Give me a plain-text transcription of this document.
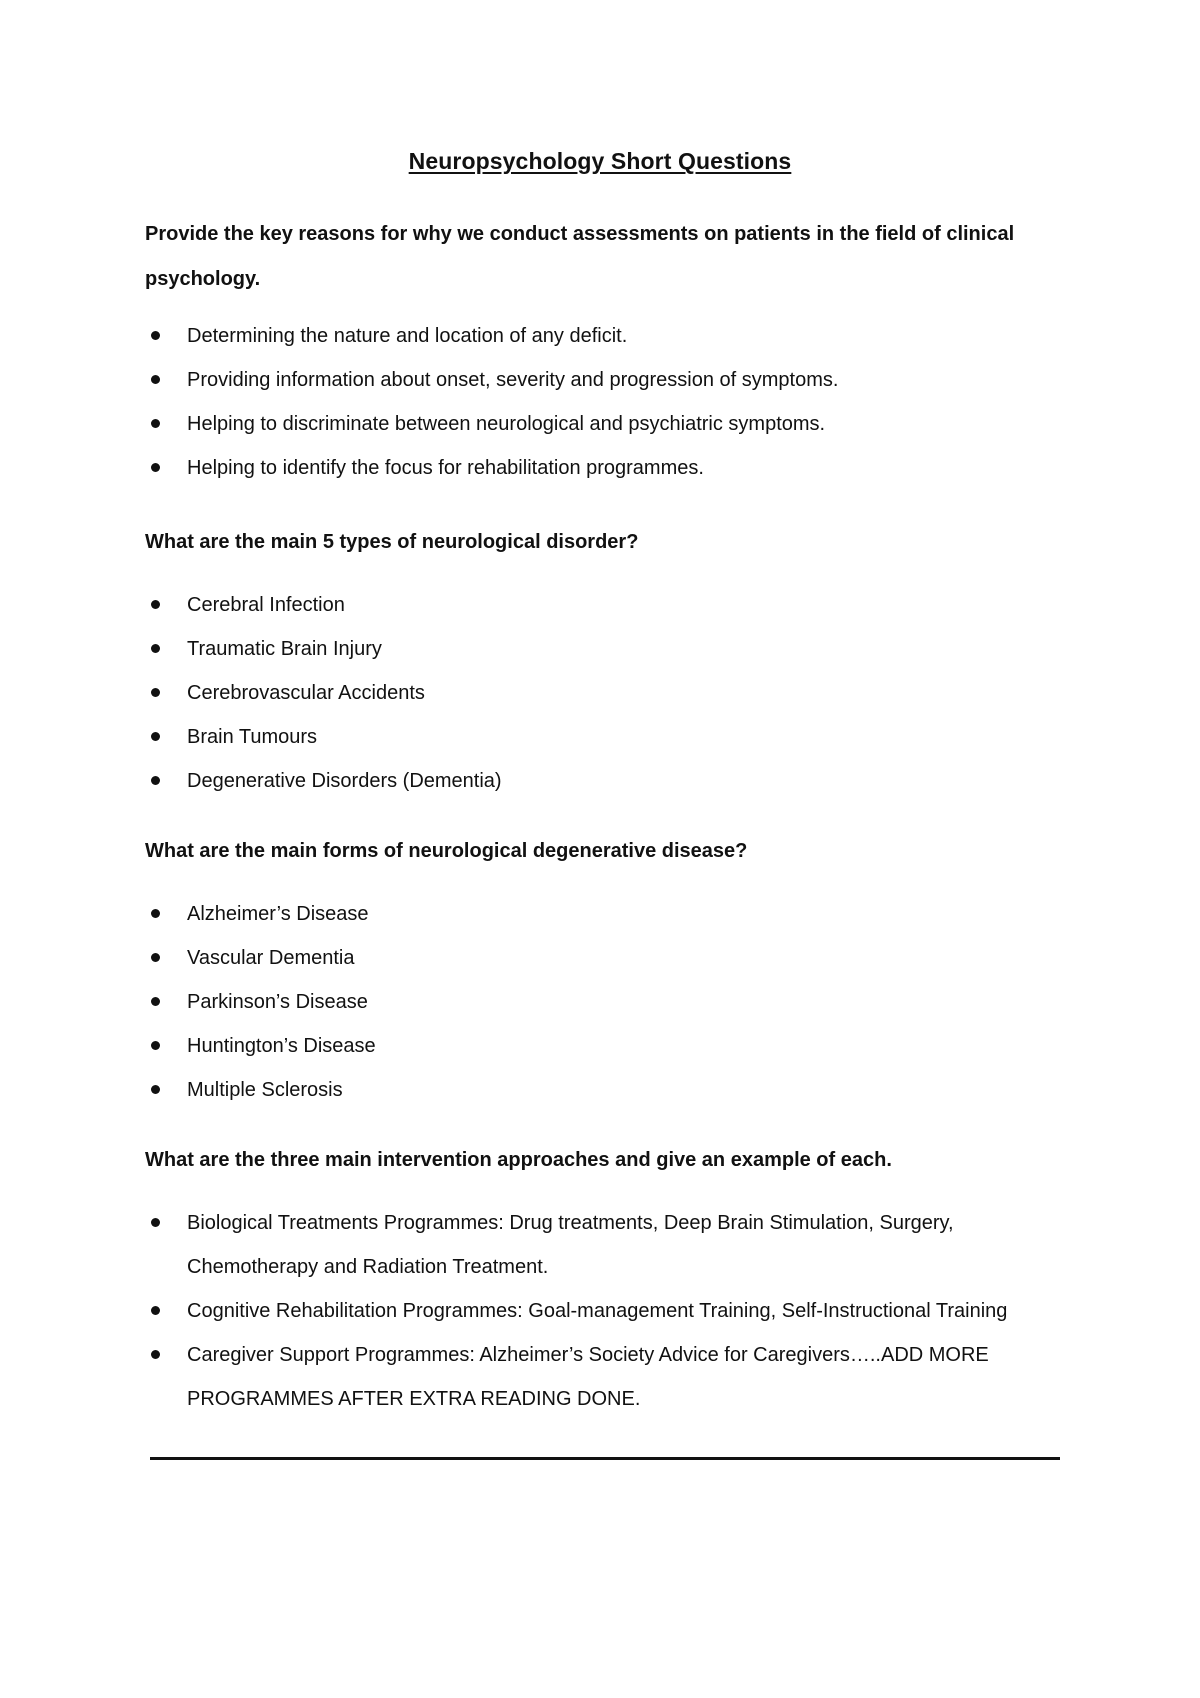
Neuropsychology Short Questions

Provide the key reasons for why we conduct assessments on patients in the field of clinical psychology.

Determining the nature and location of any deficit.
Providing information about onset, severity and progression of symptoms.
Helping to discriminate between neurological and psychiatric symptoms.
Helping to identify the focus for rehabilitation programmes.

What are the main 5 types of neurological disorder?

Cerebral Infection
Traumatic Brain Injury
Cerebrovascular Accidents
Brain Tumours
Degenerative Disorders (Dementia)

What are the main forms of neurological degenerative disease?

Alzheimer’s Disease
Vascular Dementia
Parkinson’s Disease
Huntington’s Disease
Multiple Sclerosis

What are the three main intervention approaches and give an example of each.

Biological Treatments Programmes: Drug treatments, Deep Brain Stimulation, Surgery, Chemotherapy and Radiation Treatment.
Cognitive Rehabilitation Programmes: Goal-management Training, Self-Instructional Training
Caregiver Support Programmes: Alzheimer’s Society Advice for Caregivers…..ADD MORE PROGRAMMES AFTER EXTRA READING DONE.
